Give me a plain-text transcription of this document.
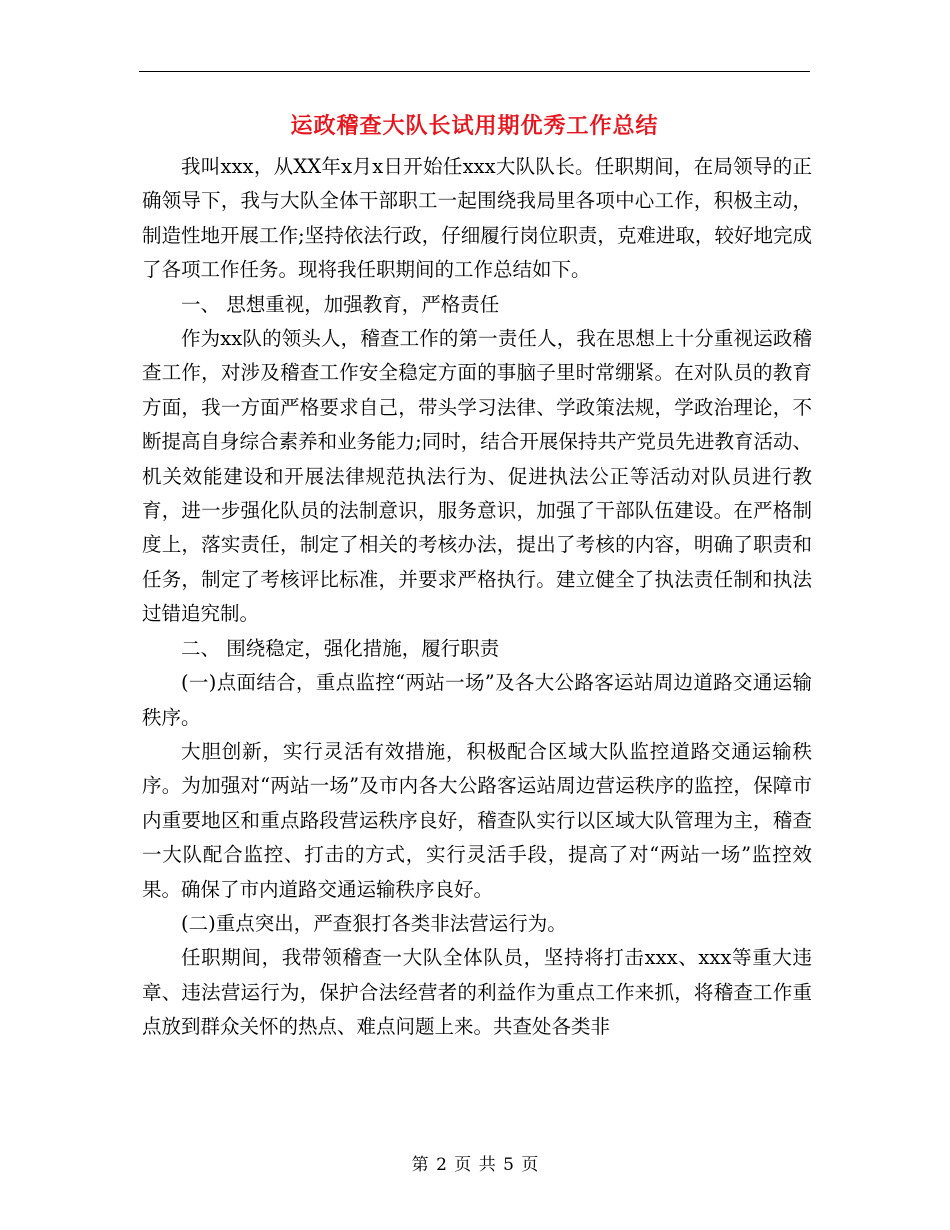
运政稽查大队长试用期优秀工作总结

我叫xxx，从XX年x月x日开始任xxx大队队长。任职期间，在局领导的正确领导下，我与大队全体干部职工一起围绕我局里各项中心工作，积极主动，制造性地开展工作;坚持依法行政，仔细履行岗位职责，克难进取，较好地完成了各项工作任务。现将我任职期间的工作总结如下。

一、 思想重视，加强教育，严格责任

作为xx队的领头人，稽查工作的第一责任人，我在思想上十分重视运政稽查工作，对涉及稽查工作安全稳定方面的事脑子里时常绷紧。在对队员的教育方面，我一方面严格要求自己，带头学习法律、学政策法规，学政治理论，不断提高自身综合素养和业务能力;同时，结合开展保持共产党员先进教育活动、机关效能建设和开展法律规范执法行为、促进执法公正等活动对队员进行教育，进一步强化队员的法制意识，服务意识，加强了干部队伍建设。在严格制度上，落实责任，制定了相关的考核办法，提出了考核的内容，明确了职责和任务，制定了考核评比标准，并要求严格执行。建立健全了执法责任制和执法过错追究制。

二、 围绕稳定，强化措施，履行职责

(一)点面结合，重点监控“两站一场”及各大公路客运站周边道路交通运输秩序。

大胆创新，实行灵活有效措施，积极配合区域大队监控道路交通运输秩序。为加强对“两站一场”及市内各大公路客运站周边营运秩序的监控，保障市内重要地区和重点路段营运秩序良好，稽查队实行以区域大队管理为主，稽查一大队配合监控、打击的方式，实行灵活手段，提高了对“两站一场”监控效果。确保了市内道路交通运输秩序良好。

(二)重点突出，严查狠打各类非法营运行为。

任职期间，我带领稽查一大队全体队员，坚持将打击xxx、xxx等重大违章、违法营运行为，保护合法经营者的利益作为重点工作来抓，将稽查工作重点放到群众关怀的热点、难点问题上来。共查处各类非

第 2 页 共 5 页
